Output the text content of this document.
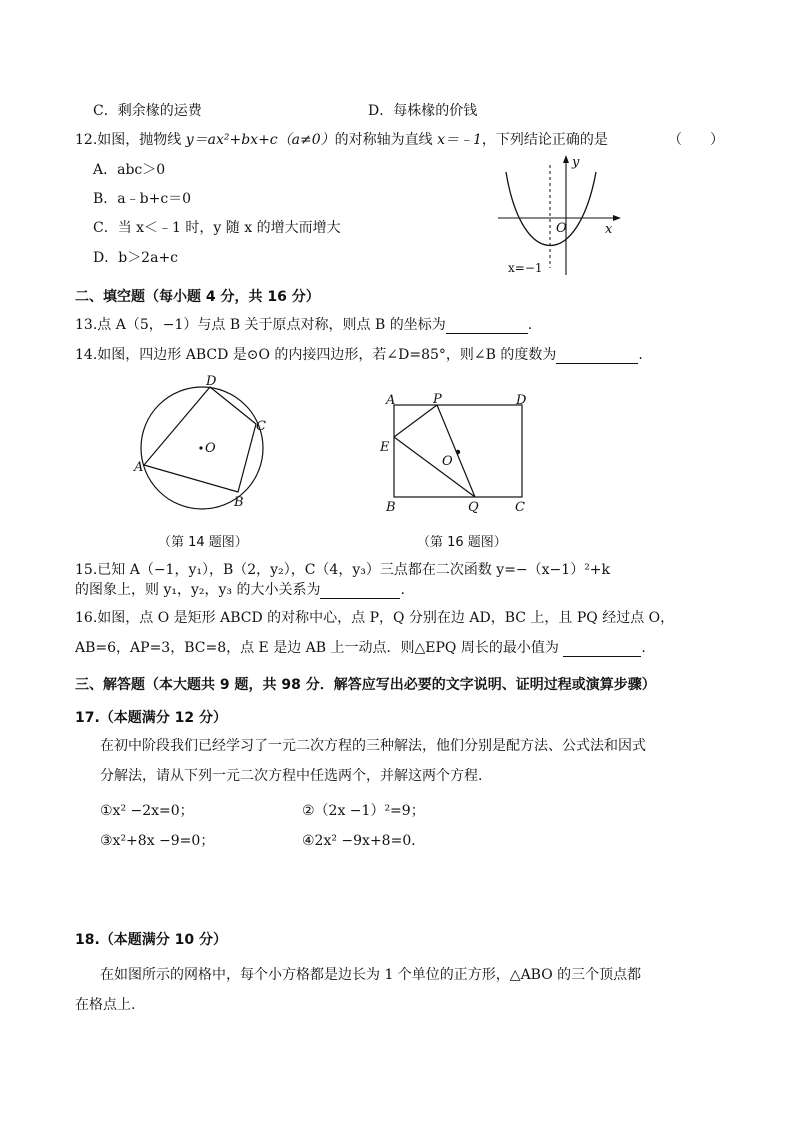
C．剩余椽的运费	D．每株椽的价钱
12.如图，抛物线 y＝ax²+bx+c（a≠0）的对称轴为直线 x＝﹣1，下列结论正确的是	（　　）
A．abc＞0
B．a﹣b+c＝0
C．当 x＜﹣1 时，y 随 x 的增大而增大
D．b＞2a+c
y
x
O
x=−1
二、填空题（每小题 4 分，共 16 分）
13.点 A（5，−1）与点 B 关于原点对称，则点 B 的坐标为	.
14.如图，四边形 ABCD 是⊙O 的内接四边形，若∠D=85°，则∠B 的度数为	.
D
C
B
A
O
（第 14 题图）
A	P	D
E
O
B	Q	C
（第 16 题图）
15.已知 A（−1，y₁），B（2，y₂），C（4，y₃）三点都在二次函数 y=−（x−1）²+k
的图象上，则 y₁，y₂，y₃ 的大小关系为	.
16.如图，点 O 是矩形 ABCD 的对称中心，点 P，Q 分别在边 AD，BC 上，且 PQ 经过点 O，
AB=6，AP=3，BC=8，点 E 是边 AB 上一动点．则△EPQ 周长的最小值为	.
三、解答题（本大题共 9 题，共 98 分．解答应写出必要的文字说明、证明过程或演算步骤）
17.（本题满分 12 分）
在初中阶段我们已经学习了一元二次方程的三种解法，他们分别是配方法、公式法和因式
分解法，请从下列一元二次方程中任选两个，并解这两个方程.
①x² −2x=0；	②（2x −1）²=9；
③x²+8x −9=0；	④2x² −9x+8=0．
18.（本题满分 10 分）
在如图所示的网格中，每个小方格都是边长为 1 个单位的正方形，△ABO 的三个顶点都
在格点上.
